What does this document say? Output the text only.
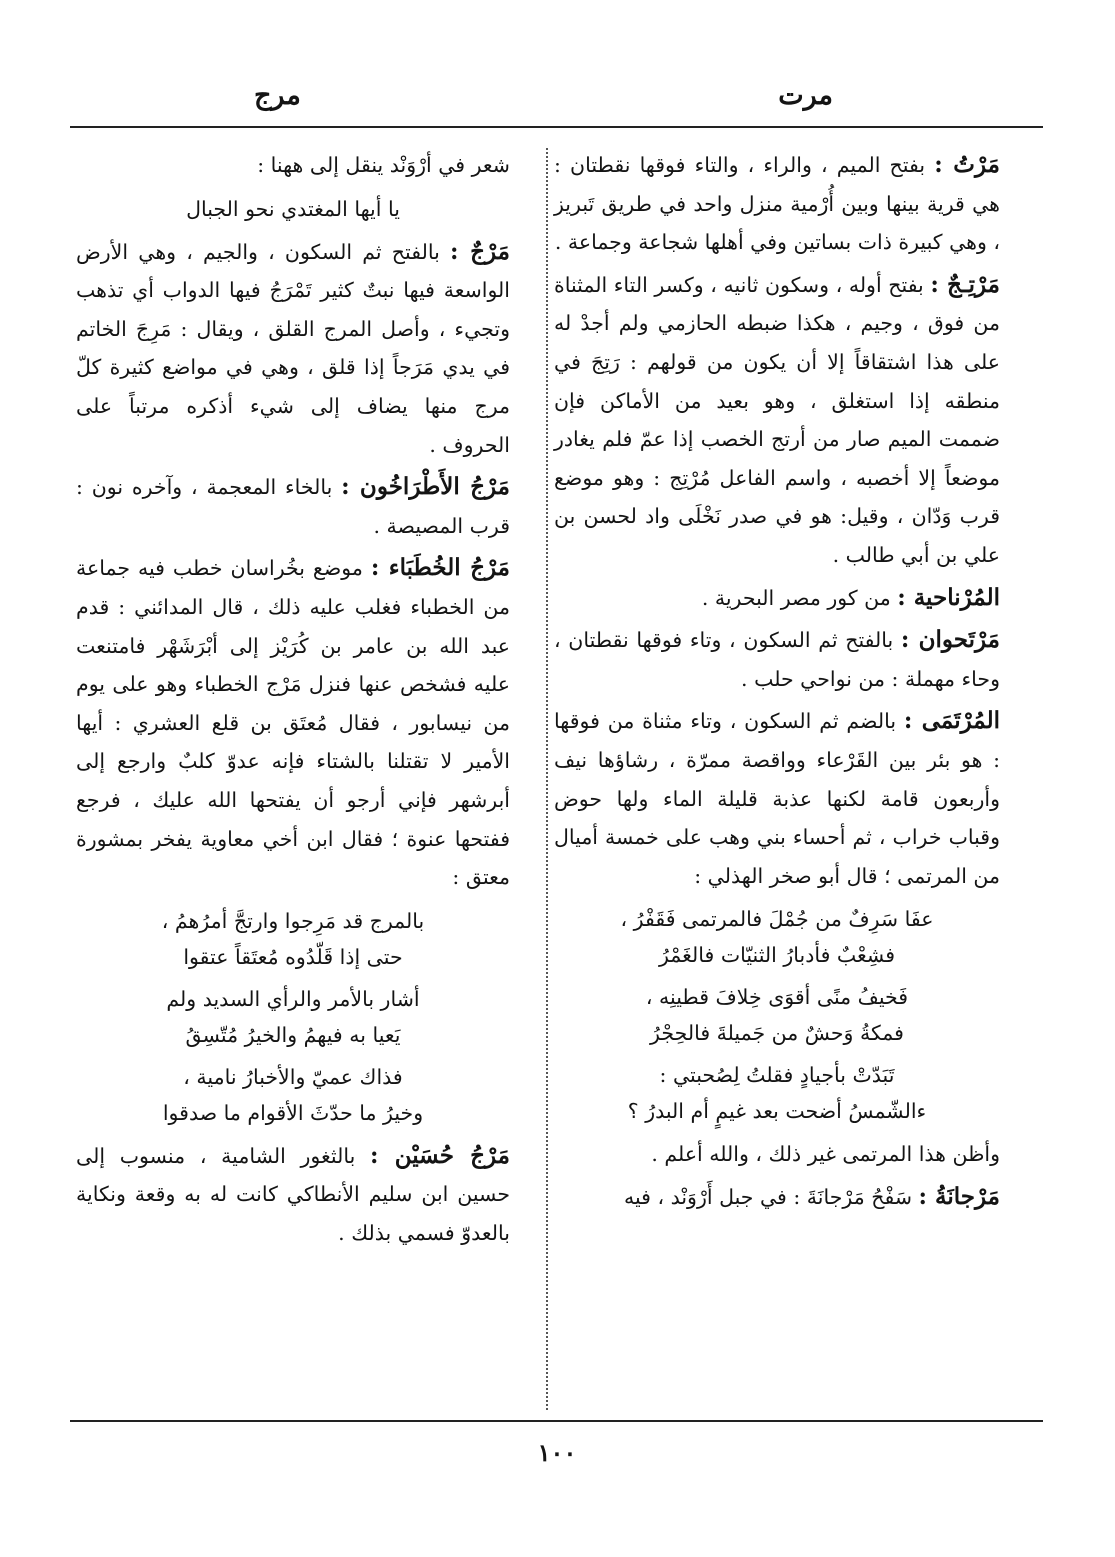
مرت
مرج

مَرْتُ : بفتح الميم ، والراء ، والتاء فوقها نقطتان : هي قرية بينها وبين أُرْمية منزل واحد في طريق تَبريز ، وهي كبيرة ذات بساتين وفي أهلها شجاعة وجماعة .

مَرْتِـجٌ : بفتح أوله ، وسكون ثانيه ، وكسر التاء المثناة من فوق ، وجيم ، هكذا ضبطه الحازمي ولم أجدْ له على هذا اشتقاقاً إلا أن يكون من قولهم : رَتِجَ في منطقه إذا استغلق ، وهو بعيد من الأماكن فإن ضممت الميم صار من أرتج الخصب إذا عمّ فلم يغادر موضعاً إلا أخصبه ، واسم الفاعل مُرْتِج : وهو موضع قرب وَدّان ، وقيل: هو في صدر نَخْلَى واد لحسن بن علي بن أبي طالب .

المُرْناحية : من كور مصر البحرية .

مَرْتَحوان : بالفتح ثم السكون ، وتاء فوقها نقطتان ، وحاء مهملة : من نواحي حلب .

المُرْتَمَى : بالضم ثم السكون ، وتاء مثناة من فوقها : هو بئر بين القَرْعاء وواقصة ممرّة ، رشاؤها نيف وأربعون قامة لكنها عذبة قليلة الماء ولها حوض وقباب خراب ، ثم أحساء بني وهب على خمسة أميال من المرتمى ؛ قال أبو صخر الهذلي :

عفَا سَرِفٌ من جُمْلَ فالمرتمى فَقَفْرُ ،
فشِعْبٌ فأدبارُ الثنيّات فالغَمْرُ
فَخيفُ منًى أقوَى خِلافَ قطينِه ،
فمكةُ وَحشٌ من جَميلةَ فالحِجْرُ
تَبَدّتْ بأجيادٍ فقلتُ لِصُحبتي :
ءالشّمسُ أضحت بعد غيمٍ أم البدرُ ؟

وأظن هذا المرتمى غير ذلك ، والله أعلم .

مَرْجانَةُ : سَفْحُ مَرْجانَةَ : في جبل أَرْوَنْد ، فيه

شعر في أرْوَنْد ينقل إلى ههنا :

يا أيها المغتدي نحو الجبال

مَرْجٌ : بالفتح ثم السكون ، والجيم ، وهي الأرض الواسعة فيها نبتٌ كثير تَمْرَجُ فيها الدواب أي تذهب وتجيء ، وأصل المرج القلق ، ويقال : مَرِجَ الخاتم في يدي مَرَجاً إذا قلق ، وهي في مواضع كثيرة كلّ مرج منها يضاف إلى شيء أذكره مرتباً على الحروف .

مَرْجُ الأَطْرَاخُون : بالخاء المعجمة ، وآخره نون : قرب المصيصة .

مَرْجُ الخُطَبَاء : موضع بخُراسان خطب فيه جماعة من الخطباء فغلب عليه ذلك ، قال المدائني : قدم عبد الله بن عامر بن كُرَيْز إلى أبْرَشَهْر فامتنعت عليه فشخص عنها فنزل مَرْج الخطباء وهو على يوم من نيسابور ، فقال مُعتَق بن قلع العشري : أيها الأمير لا تقتلنا بالشتاء فإنه عدوّ كلبٌ وارجع إلى أبرشهر فإني أرجو أن يفتحها الله عليك ، فرجع ففتحها عنوة ؛ فقال ابن أخي معاوية يفخر بمشورة معتق :

بالمرج قد مَرِجوا وارتجَّ أمرُهمُ ،
حتى إذا قَلّدُوه مُعتَقاً عتقوا
أشار بالأمر والرأي السديد ولم
يَعيا به فيهمُ والخيرُ مُتّسِقُ
فذاك عميّ والأخبارُ نامية ،
وخيرُ ما حدّثَ الأقوام ما صدقوا

مَرْجُ حُسَيْن : بالثغور الشامية ، منسوب إلى حسين ابن سليم الأنطاكي كانت له به وقعة ونكاية بالعدوّ فسمي بذلك .

١٠٠
